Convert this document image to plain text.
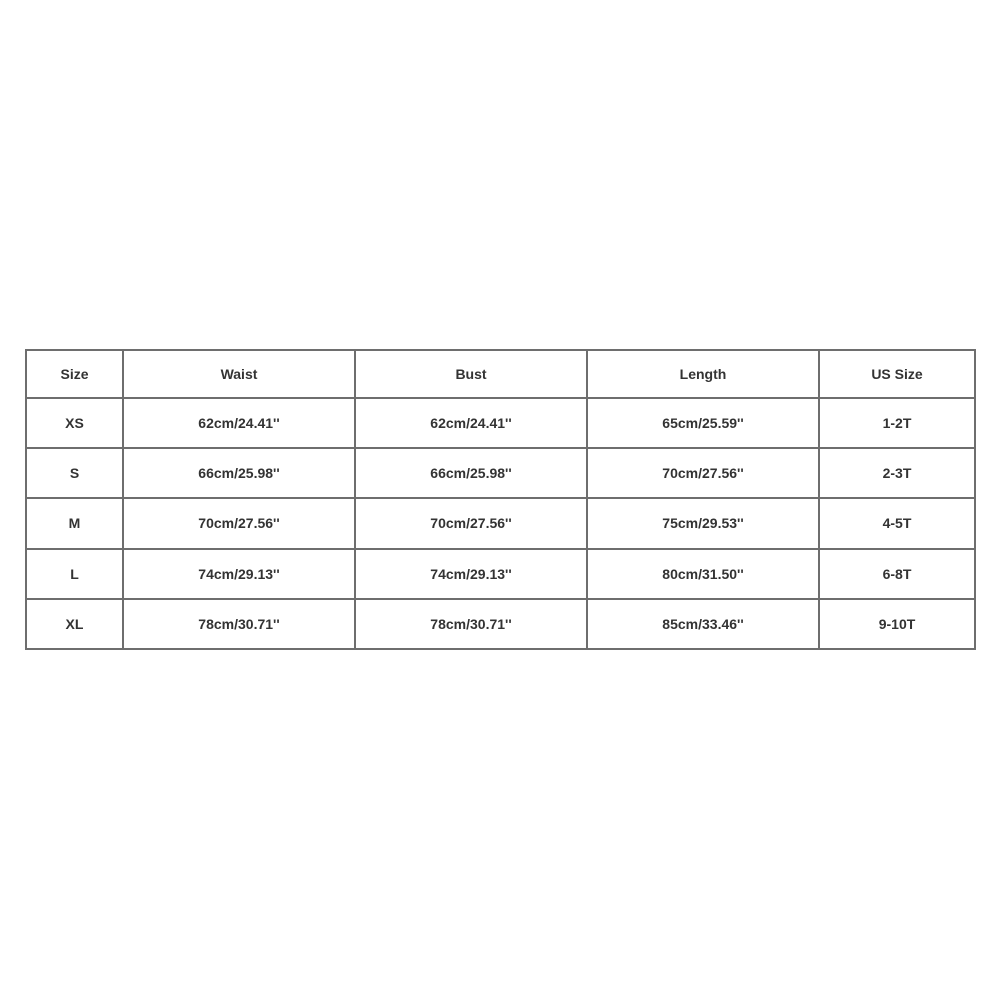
Size	Waist	Bust	Length	US Size
XS	62cm/24.41''	62cm/24.41''	65cm/25.59''	1-2T
S	66cm/25.98''	66cm/25.98''	70cm/27.56''	2-3T
M	70cm/27.56''	70cm/27.56''	75cm/29.53''	4-5T
L	74cm/29.13''	74cm/29.13''	80cm/31.50''	6-8T
XL	78cm/30.71''	78cm/30.71''	85cm/33.46''	9-10T
